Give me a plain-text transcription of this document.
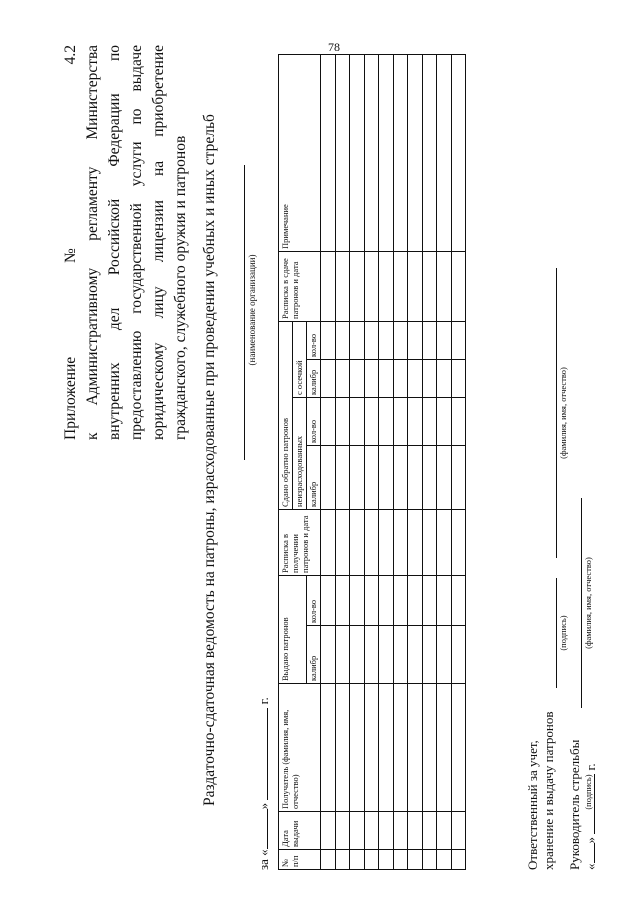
78
Приложение № 4.2 к Административному регламенту Министерства внутренних дел Российской Федерации по предоставлению государственной услуги по выдаче юридическому лицу лицензии на приобретение гражданского, служебного оружия и патронов Раздаточно-сдаточная ведомость на патроны, израсходованные при проведении учебных и иных стрельб	(наименование организации)
за «»  г.
№ п/п	Дата выдачи	Получатель (фамилия, имя, отчество)	Выдано патронов		Расписка в получении патронов и дата	Сдано обратно патронов				Расписка в сдаче патронов и дата	Примечание
						неизрасходованных		с осечкой			
			калибр	кол-во		калибр	кол-во	калибр	кол-во		

Ответственный за учет, хранение и выдачу патронов
(подпись)
(фамилия, имя, отчество)
Руководитель стрельбы
(фамилия, имя, отчество)
(подпись)
«»  г.
